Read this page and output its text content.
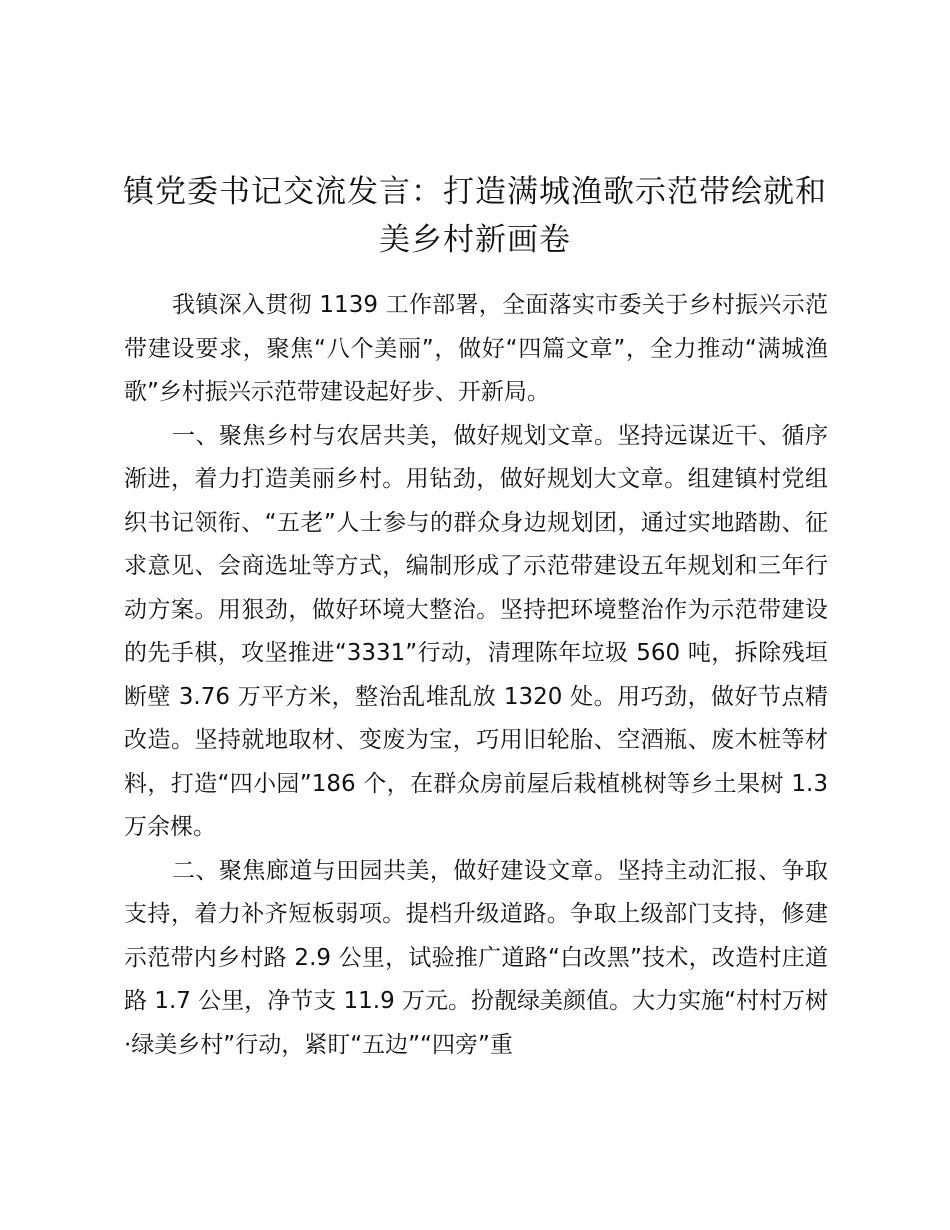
镇党委书记交流发言：打造满城渔歌示范带绘就和美乡村新画卷

我镇深入贯彻 1139 工作部署，全面落实市委关于乡村振兴示范带建设要求，聚焦“八个美丽”，做好“四篇文章”，全力推动“满城渔歌”乡村振兴示范带建设起好步、开新局。

一、聚焦乡村与农居共美，做好规划文章。坚持远谋近干、循序渐进，着力打造美丽乡村。用钻劲，做好规划大文章。组建镇村党组织书记领衔、“五老”人士参与的群众身边规划团，通过实地踏勘、征求意见、会商选址等方式，编制形成了示范带建设五年规划和三年行动方案。用狠劲，做好环境大整治。坚持把环境整治作为示范带建设的先手棋，攻坚推进“3331”行动，清理陈年垃圾 560 吨，拆除残垣断壁 3.76 万平方米，整治乱堆乱放 1320 处。用巧劲，做好节点精改造。坚持就地取材、变废为宝，巧用旧轮胎、空酒瓶、废木桩等材料，打造“四小园”186 个，在群众房前屋后栽植桃树等乡土果树 1.3 万余棵。

二、聚焦廊道与田园共美，做好建设文章。坚持主动汇报、争取支持，着力补齐短板弱项。提档升级道路。争取上级部门支持，修建示范带内乡村路 2.9 公里，试验推广道路“白改黑”技术，改造村庄道路 1.7 公里，净节支 11.9 万元。扮靓绿美颜值。大力实施“村村万树·绿美乡村”行动，紧盯“五边”“四旁”重
